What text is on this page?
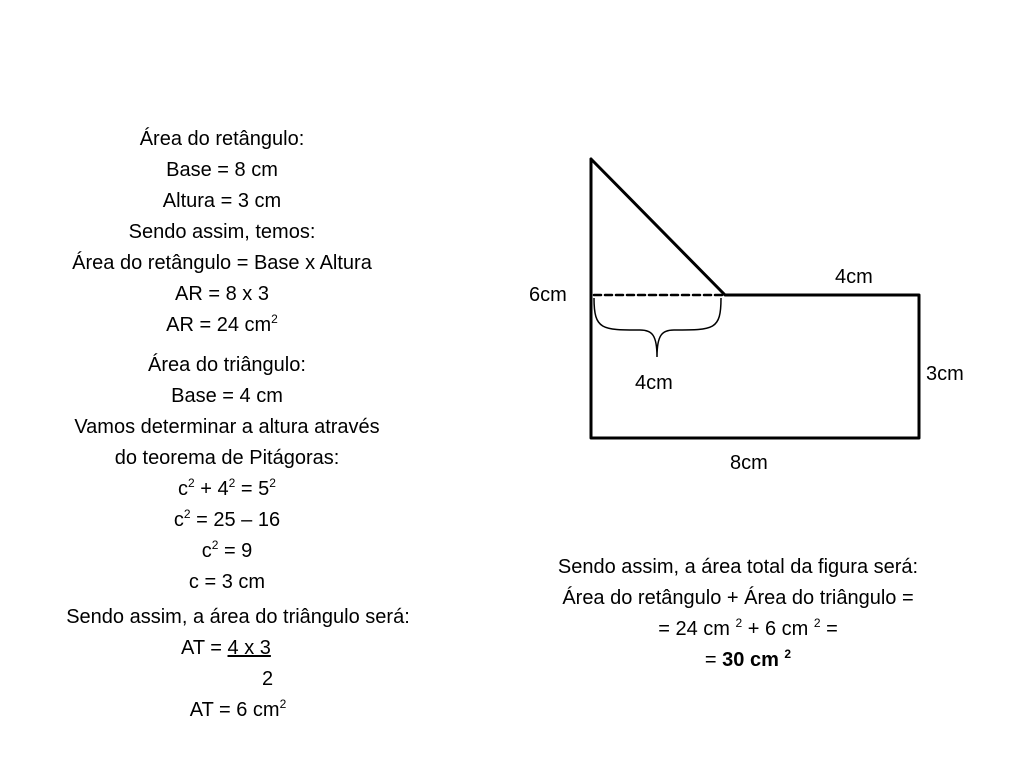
Área do retângulo:
Base = 8 cm
Altura = 3 cm
Sendo assim, temos:
Área do retângulo = Base x Altura
AR = 8 x 3
AR = 24 $cm^2$
Área do triângulo:
Base = 4 cm
Vamos determinar a altura através
do teorema de Pitágoras:
$c^2 + 4^2 = 5^2$
$c^2 = 25 - 16$
$c^2 = 9$
c = 3 cm
Sendo assim, a área do triângulo será:
AT = 4 x 3
2
AT = 6 $cm^2$
6cm
4cm
4cm	3cm
8cm
Sendo assim, a área total da figura será:
Área do retângulo + Área do triângulo =
= 24 cm $^2$ + 6 cm $^2$ =
= 30 cm $^2$
